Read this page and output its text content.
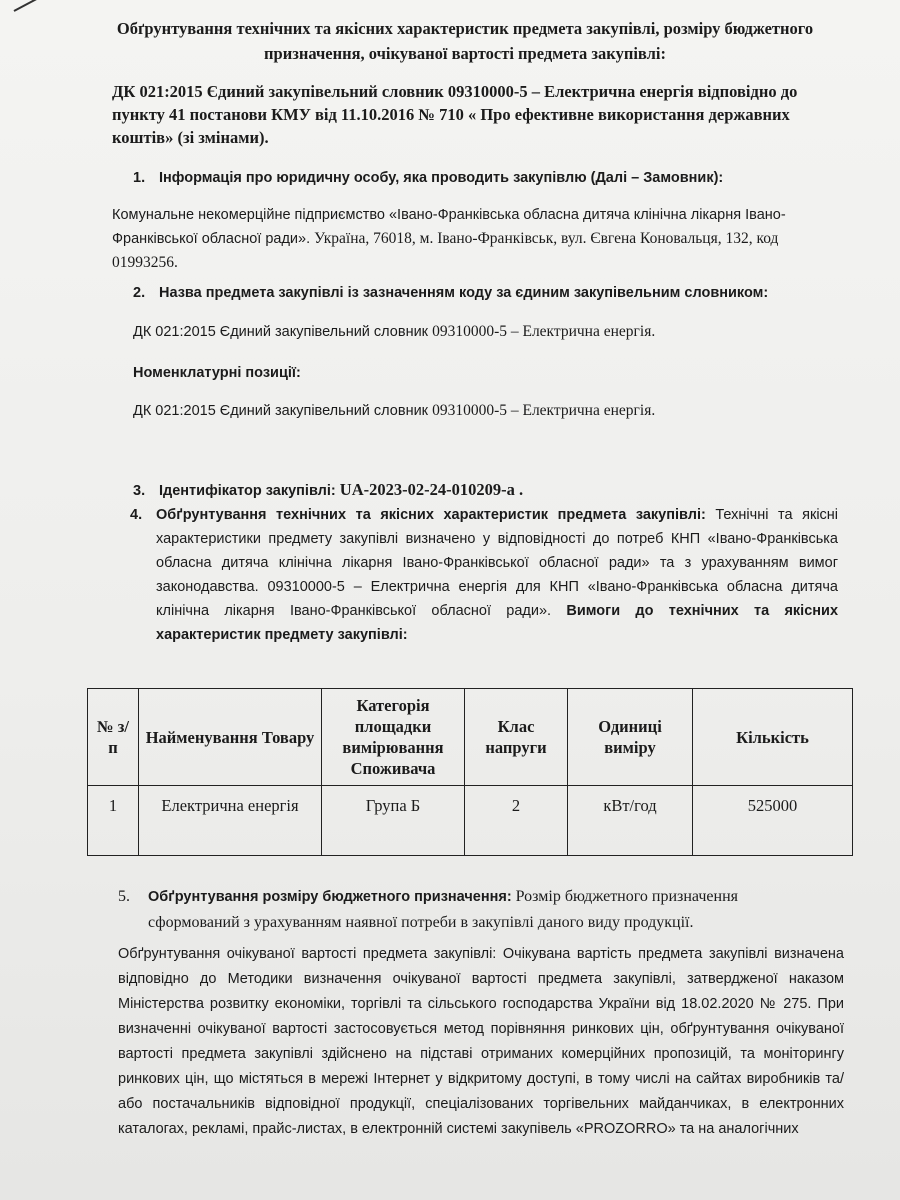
Обґрунтування технічних та якісних характеристик предмета закупівлі, розміру бюджетного призначення, очікуваної вартості предмета закупівлі:
ДК 021:2015 Єдиний закупівельний словник 09310000-5 – Електрична енергія відповідно до пункту 41 постанови КМУ від 11.10.2016 № 710 « Про ефективне використання державних коштів» (зі змінами).
1. Інформація про юридичну особу, яка проводить закупівлю (Далі – Замовник):
Комунальне некомерційне підприємство «Івано-Франківська обласна дитяча клінічна лікарня Івано-Франківської обласної ради». Україна, 76018, м. Івано-Франківськ, вул. Євгена Коновальця, 132, код 01993256.
2. Назва предмета закупівлі із зазначенням коду за єдиним закупівельним словником:
ДК 021:2015 Єдиний закупівельний словник 09310000-5 – Електрична енергія.
Номенклатурні позиції:
ДК 021:2015 Єдиний закупівельний словник 09310000-5 – Електрична енергія.
3. Ідентифікатор закупівлі: UA-2023-02-24-010209-a .
4. Обґрунтування технічних та якісних характеристик предмета закупівлі: Технічні та якісні характеристики предмету закупівлі визначено у відповідності до потреб КНП «Івано-Франківська обласна дитяча клінічна лікарня Івано-Франківської обласної ради» та з урахуванням вимог законодавства. 09310000-5 – Електрична енергія для КНП «Івано-Франківська обласна дитяча клінічна лікарня Івано-Франківської обласної ради». Вимоги до технічних та якісних характеристик предмету закупівлі:
№ з/п	Найменування Товару	Категорія площадки вимірювання Споживача	Клас напруги	Одиниці виміру	Кількість
1	Електрична енергія	Група Б	2	кВт/год	525000
5.	Обґрунтування розміру бюджетного призначення: Розмір бюджетного призначення сформований з урахуванням наявної потреби в закупівлі даного виду продукції.
Обґрунтування очікуваної вартості предмета закупівлі: Очікувана вартість предмета закупівлі визначена відповідно до Методики визначення очікуваної вартості предмета закупівлі, затвердженої наказом Міністерства розвитку економіки, торгівлі та сільського господарства України від 18.02.2020 № 275. При визначенні очікуваної вартості застосовується метод порівняння ринкових цін, обґрунтування очікуваної вартості предмета закупівлі здійснено на підставі отриманих комерційних пропозицій, та моніторингу ринкових цін, що містяться в мережі Інтернет у відкритому доступі, в тому числі на сайтах виробників та/або постачальників відповідної продукції, спеціалізованих торгівельних майданчиках, в електронних каталогах, рекламі, прайс-листах, в електронній системі закупівель «PROZORRO» та на аналогічних
